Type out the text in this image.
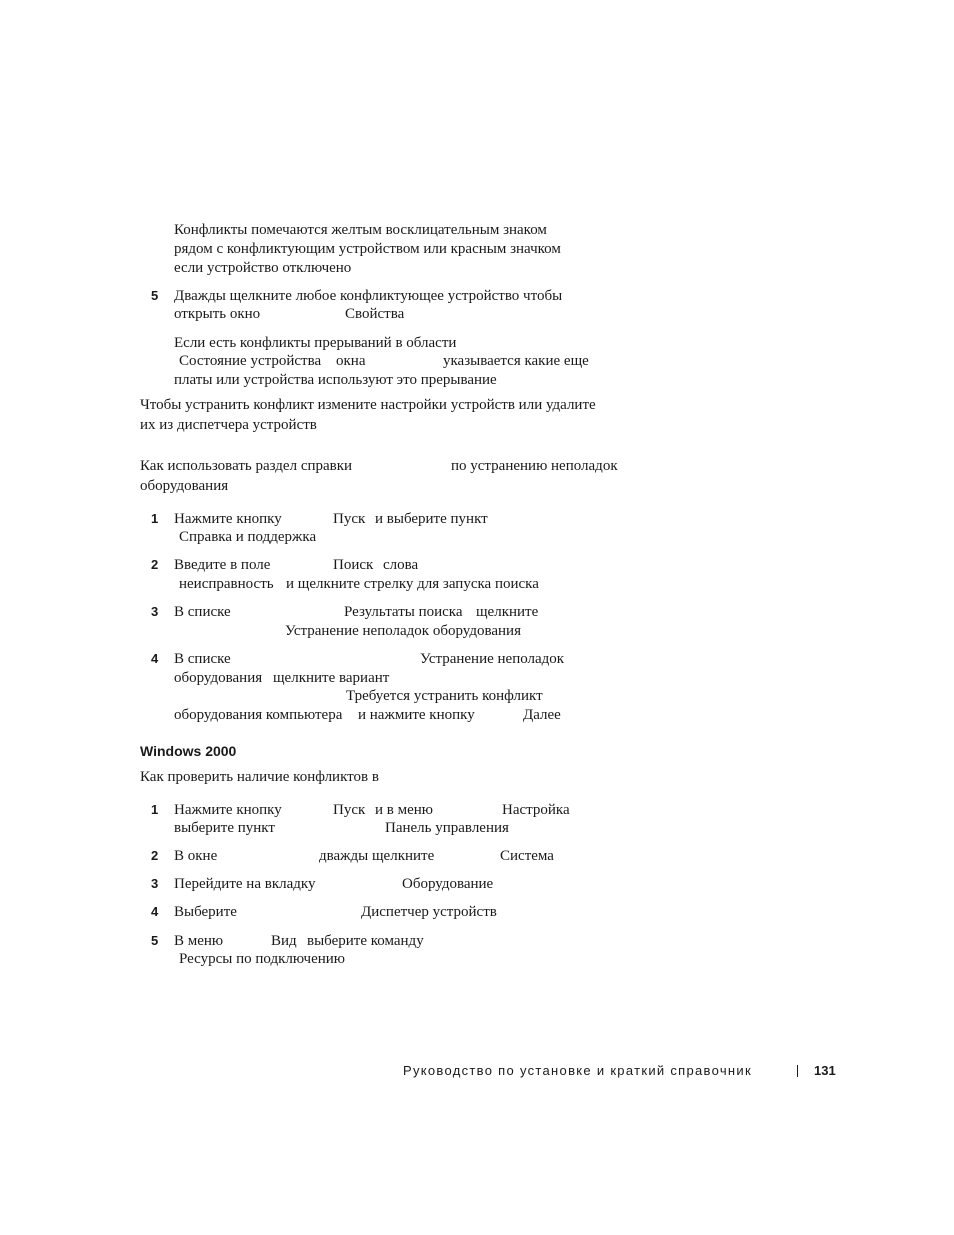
Конфликты помечаются желтым восклицательным знаком
рядом с конфликтующим устройством или красным значком
если устройство отключено
5 Дважды щелкните любое конфликтующее устройство чтобы
открыть окно	Свойства
Если есть конфликты прерываний в области
Состояние устройства окна	указывается какие еще
платы или устройства используют это прерывание
Чтобы устранить конфликт измените настройки устройств или удалите
их из диспетчера устройств
Как использовать раздел справки	по устранению неполадок
оборудования
1 Нажмите кнопку	Пуск и выберите пункт
Справка и поддержка
2 Введите в поле	Поиск слова
неисправность и щелкните стрелку для запуска поиска
3 В списке	Результаты поиска щелкните
Устранение неполадок оборудования
4 В списке	Устранение неполадок
оборудования щелкните вариант
Требуется устранить конфликт
оборудования компьютера и нажмите кнопку	Далее
Windows 2000
Как проверить наличие конфликтов в
1 Нажмите кнопку	Пуск и в меню	Настройка
выберите пункт	Панель управления
2 В окне	дважды щелкните	Система
3 Перейдите на вкладку	Оборудование
4 Выберите	Диспетчер устройств
5 В меню	Вид выберите команду
Ресурсы по подключению
Руководство по установке и краткий справочник	131
